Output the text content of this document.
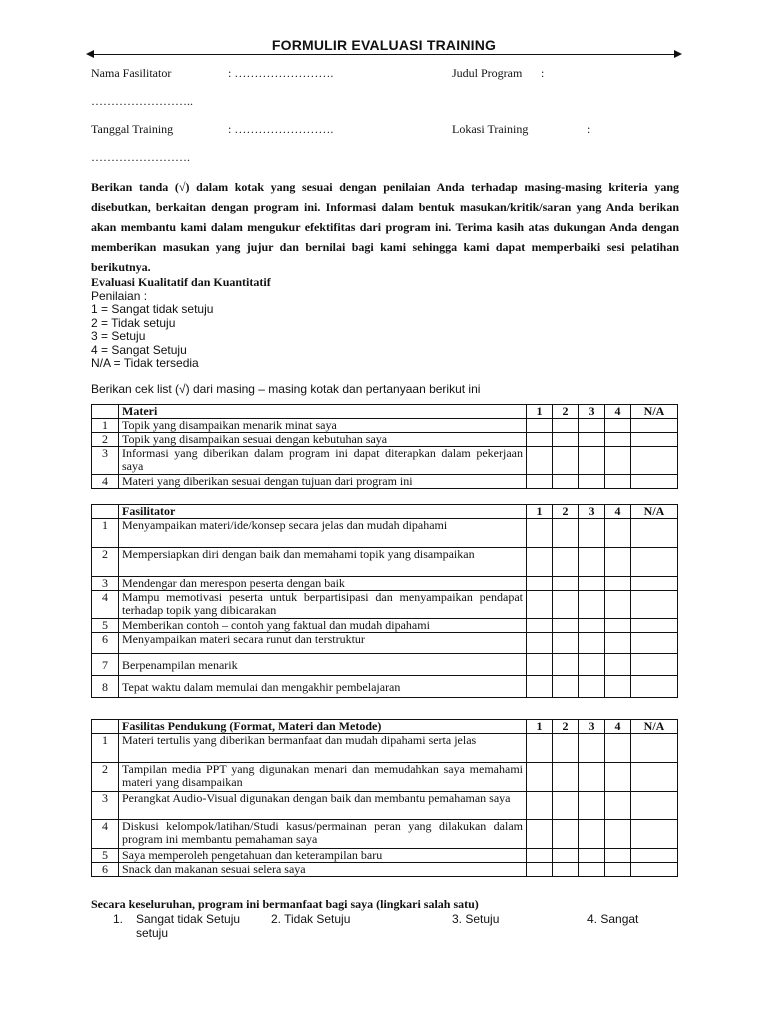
FORMULIR EVALUASI TRAINING
Nama Fasilitator	: …………………….	Judul Program :
……………………..
Tanggal Training	: …………………….	Lokasi Training	:
…………………….
Berikan tanda (√) dalam kotak yang sesuai dengan penilaian Anda terhadap masing-masing kriteria yang disebutkan, berkaitan dengan program ini. Informasi dalam bentuk masukan/kritik/saran yang Anda berikan akan membantu kami dalam mengukur efektifitas dari program ini. Terima kasih atas dukungan Anda dengan memberikan masukan yang jujur dan bernilai bagi kami sehingga kami dapat memperbaiki sesi pelatihan berikutnya.
Evaluasi Kualitatif dan Kuantitatif
Penilaian :
1 = Sangat tidak setuju
2 = Tidak setuju
3 = Setuju
4 = Sangat Setuju
N/A = Tidak tersedia
Berikan cek list (√) dari masing – masing kotak dan pertanyaan berikut ini
	Materi	1	2	3	4	N/A
1	Topik yang disampaikan menarik minat saya					
2	Topik yang disampaikan sesuai dengan kebutuhan saya					
3	Informasi yang diberikan dalam program ini dapat diterapkan dalam pekerjaan saya					
4	Materi yang diberikan sesuai dengan tujuan dari program ini					
	Fasilitator	1	2	3	4	N/A
1	Menyampaikan materi/ide/konsep secara jelas dan mudah dipahami					
2	Mempersiapkan diri dengan baik dan memahami topik yang disampaikan					
3	Mendengar dan merespon peserta dengan baik					
4	Mampu memotivasi peserta untuk berpartisipasi dan menyampaikan pendapat terhadap topik yang dibicarakan					
5	Memberikan contoh – contoh yang faktual dan mudah dipahami					
6	Menyampaikan materi secara runut dan terstruktur					
7	Berpenampilan menarik					
8	Tepat waktu dalam memulai dan mengakhir pembelajaran					
	Fasilitas Pendukung (Format, Materi dan Metode)	1	2	3	4	N/A
1	Materi tertulis yang diberikan bermanfaat dan mudah dipahami serta jelas					
2	Tampilan media PPT yang digunakan menari dan memudahkan saya memahami materi yang disampaikan					
3	Perangkat Audio-Visual digunakan dengan baik dan membantu pemahaman saya					
4	Diskusi kelompok/latihan/Studi kasus/permainan peran yang dilakukan dalam program ini membantu pemahaman saya					
5	Saya memperoleh pengetahuan dan keterampilan baru					
6	Snack dan makanan sesuai selera saya					
Secara keseluruhan, program ini bermanfaat bagi saya (lingkari salah satu)
1. Sangat tidak Setuju	2. Tidak Setuju	3. Setuju	4. Sangat
setuju
